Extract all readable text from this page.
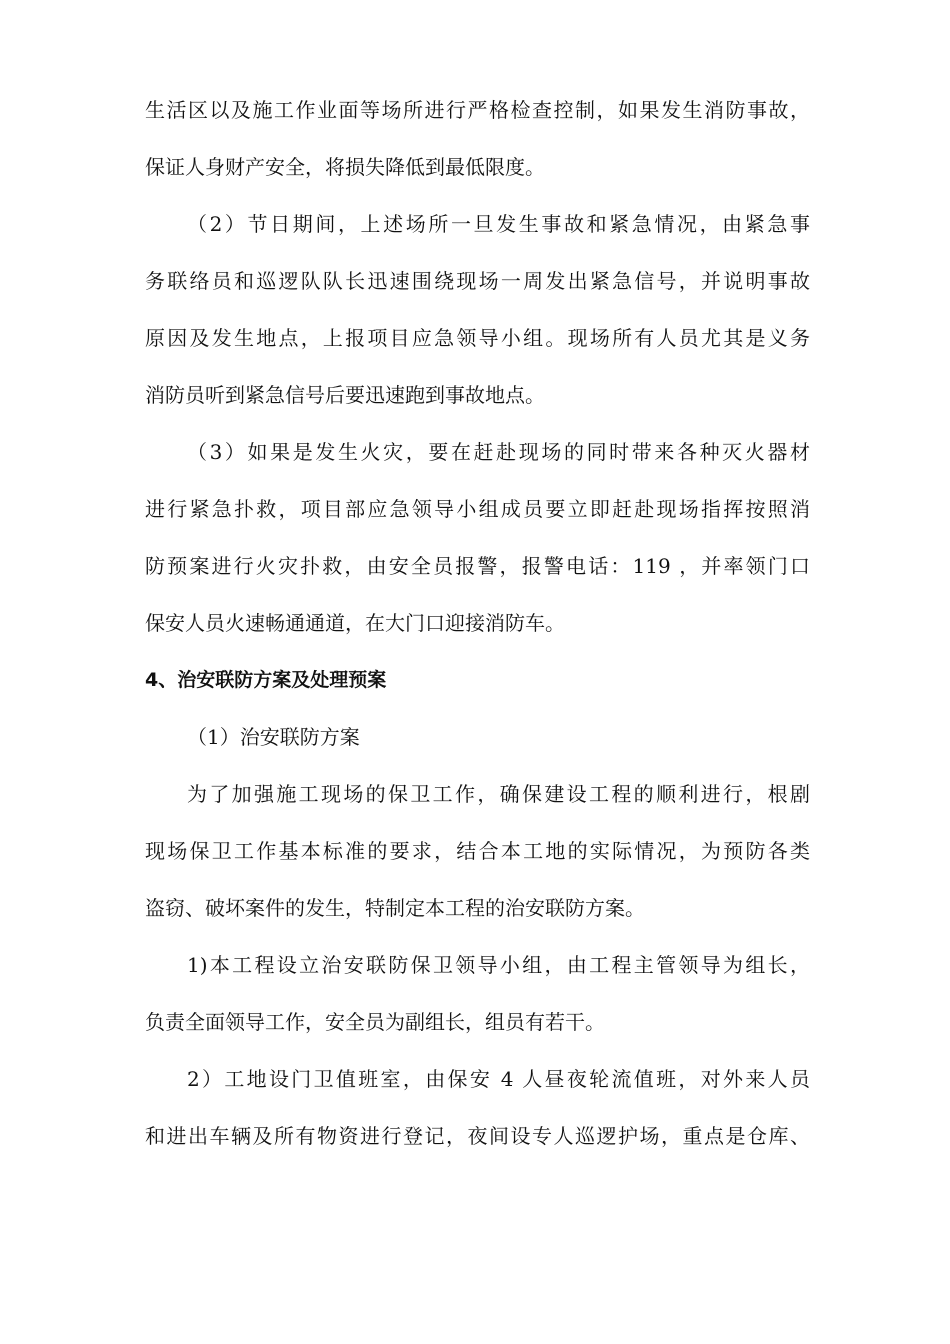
生活区以及施工作业面等场所进行严格检查控制，如果发生消防事故，
保证人身财产安全，将损失降低到最低限度。
（2）节日期间，上述场所一旦发生事故和紧急情况，由紧急事
务联络员和巡逻队队长迅速围绕现场一周发出紧急信号，并说明事故
原因及发生地点，上报项目应急领导小组。现场所有人员尤其是义务
消防员听到紧急信号后要迅速跑到事故地点。
（3）如果是发生火灾，要在赶赴现场的同时带来各种灭火器材
进行紧急扑救，项目部应急领导小组成员要立即赶赴现场指挥按照消
防预案进行火灾扑救，由安全员报警，报警电话：119 ，并率领门口
保安人员火速畅通通道，在大门口迎接消防车。
4、治安联防方案及处理预案
（1）治安联防方案
为了加强施工现场的保卫工作，确保建设工程的顺利进行，根剧
现场保卫工作基本标准的要求，结合本工地的实际情况，为预防各类
盗窃、破坏案件的发生，特制定本工程的治安联防方案。
1)本工程设立治安联防保卫领导小组，由工程主管领导为组长，
负责全面领导工作，安全员为副组长，组员有若干。
2）工地设门卫值班室，由保安 4 人昼夜轮流值班，对外来人员
和进出车辆及所有物资进行登记，夜间设专人巡逻护场，重点是仓库、
